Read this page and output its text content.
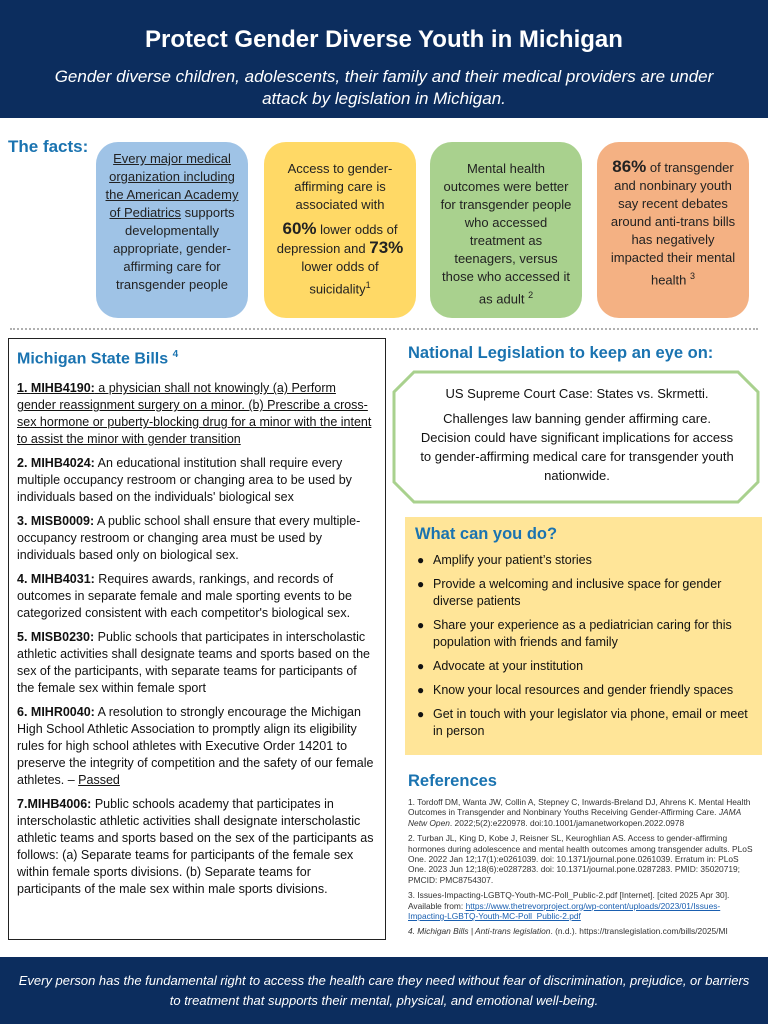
Protect Gender Diverse Youth in Michigan
Gender diverse children, adolescents, their family and their medical providers are under attack by legislation in Michigan.
The facts:
Every major medical organization including the American Academy of Pediatrics supports developmentally appropriate, gender-affirming care for transgender people
Access to gender-affirming care is associated with
60% lower odds of depression and 73% lower odds of suicidality$^1$
Mental health outcomes were better for transgender people who accessed treatment as teenagers, versus those who accessed it as adult $^2$
86% of transgender and nonbinary youth say recent debates around anti-trans bills has negatively impacted their mental health $^3$
Michigan State Bills $^4$
1. MIHB4190: a physician shall not knowingly (a) Perform gender reassignment surgery on a minor. (b) Prescribe a cross-sex hormone or puberty-blocking drug for a minor with the intent to assist the minor with gender transition
2. MIHB4024: An educational institution shall require every multiple occupancy restroom or changing area to be used by individuals based on the individuals' biological sex
3. MISB0009: A public school shall ensure that every multiple-occupancy restroom or changing area must be used by individuals based only on biological sex.
4. MIHB4031: Requires awards, rankings, and records of outcomes in separate female and male sporting events to be categorized consistent with each competitor's biological sex.
5. MISB0230: Public schools that participates in interscholastic athletic activities shall designate teams and sports based on the sex of the participants, with separate teams for participants of the female sex within female sport
6. MIHR0040: A resolution to strongly encourage the Michigan High School Athletic Association to promptly align its eligibility rules for high school athletes with Executive Order 14201 to preserve the integrity of competition and the safety of our female athletes. – Passed
7.MIHB4006: Public schools academy that participates in interscholastic athletic activities shall designate interscholastic athletic teams and sports based on the sex of the participants as follows: (a) Separate teams for participants of the female sex within female sports divisions. (b) Separate teams for participants of the male sex within male sports divisions.
National Legislation to keep an eye on:
US Supreme Court Case: States vs. Skrmetti.
Challenges law banning gender affirming care. Decision could have significant implications for access to gender-affirming medical care for transgender youth nationwide.
What can you do?
● Amplify your patient’s stories
● Provide a welcoming and inclusive space for gender diverse patients
● Share your experience as a pediatrician caring for this population with friends and family
● Advocate at your institution
● Know your local resources and gender friendly spaces
● Get in touch with your legislator via phone, email or meet in person
References
1. Tordoff DM, Wanta JW, Collin A, Stepney C, Inwards-Breland DJ, Ahrens K. Mental Health Outcomes in Transgender and Nonbinary Youths Receiving Gender-Affirming Care. JAMA Netw Open. 2022;5(2):e220978. doi:10.1001/jamanetworkopen.2022.0978
2. Turban JL, King D, Kobe J, Reisner SL, Keuroghlian AS. Access to gender-affirming hormones during adolescence and mental health outcomes among transgender adults. PLoS One. 2022 Jan 12;17(1):e0261039. doi: 10.1371/journal.pone.0261039. Erratum in: PLoS One. 2023 Jun 12;18(6):e0287283. doi: 10.1371/journal.pone.0287283. PMID: 35020719; PMCID: PMC8754307.
3. Issues-Impacting-LGBTQ-Youth-MC-Poll_Public-2.pdf [Internet]. [cited 2025 Apr 30]. Available from: https://www.thetrevorproject.org/wp-content/uploads/2023/01/Issues-Impacting-LGBTQ-Youth-MC-Poll_Public-2.pdf
4. Michigan Bills | Anti-trans legislation. (n.d.). https://translegislation.com/bills/2025/MI
Every person has the fundamental right to access the health care they need without fear of discrimination, prejudice, or barriers to treatment that supports their mental, physical, and emotional well-being.
